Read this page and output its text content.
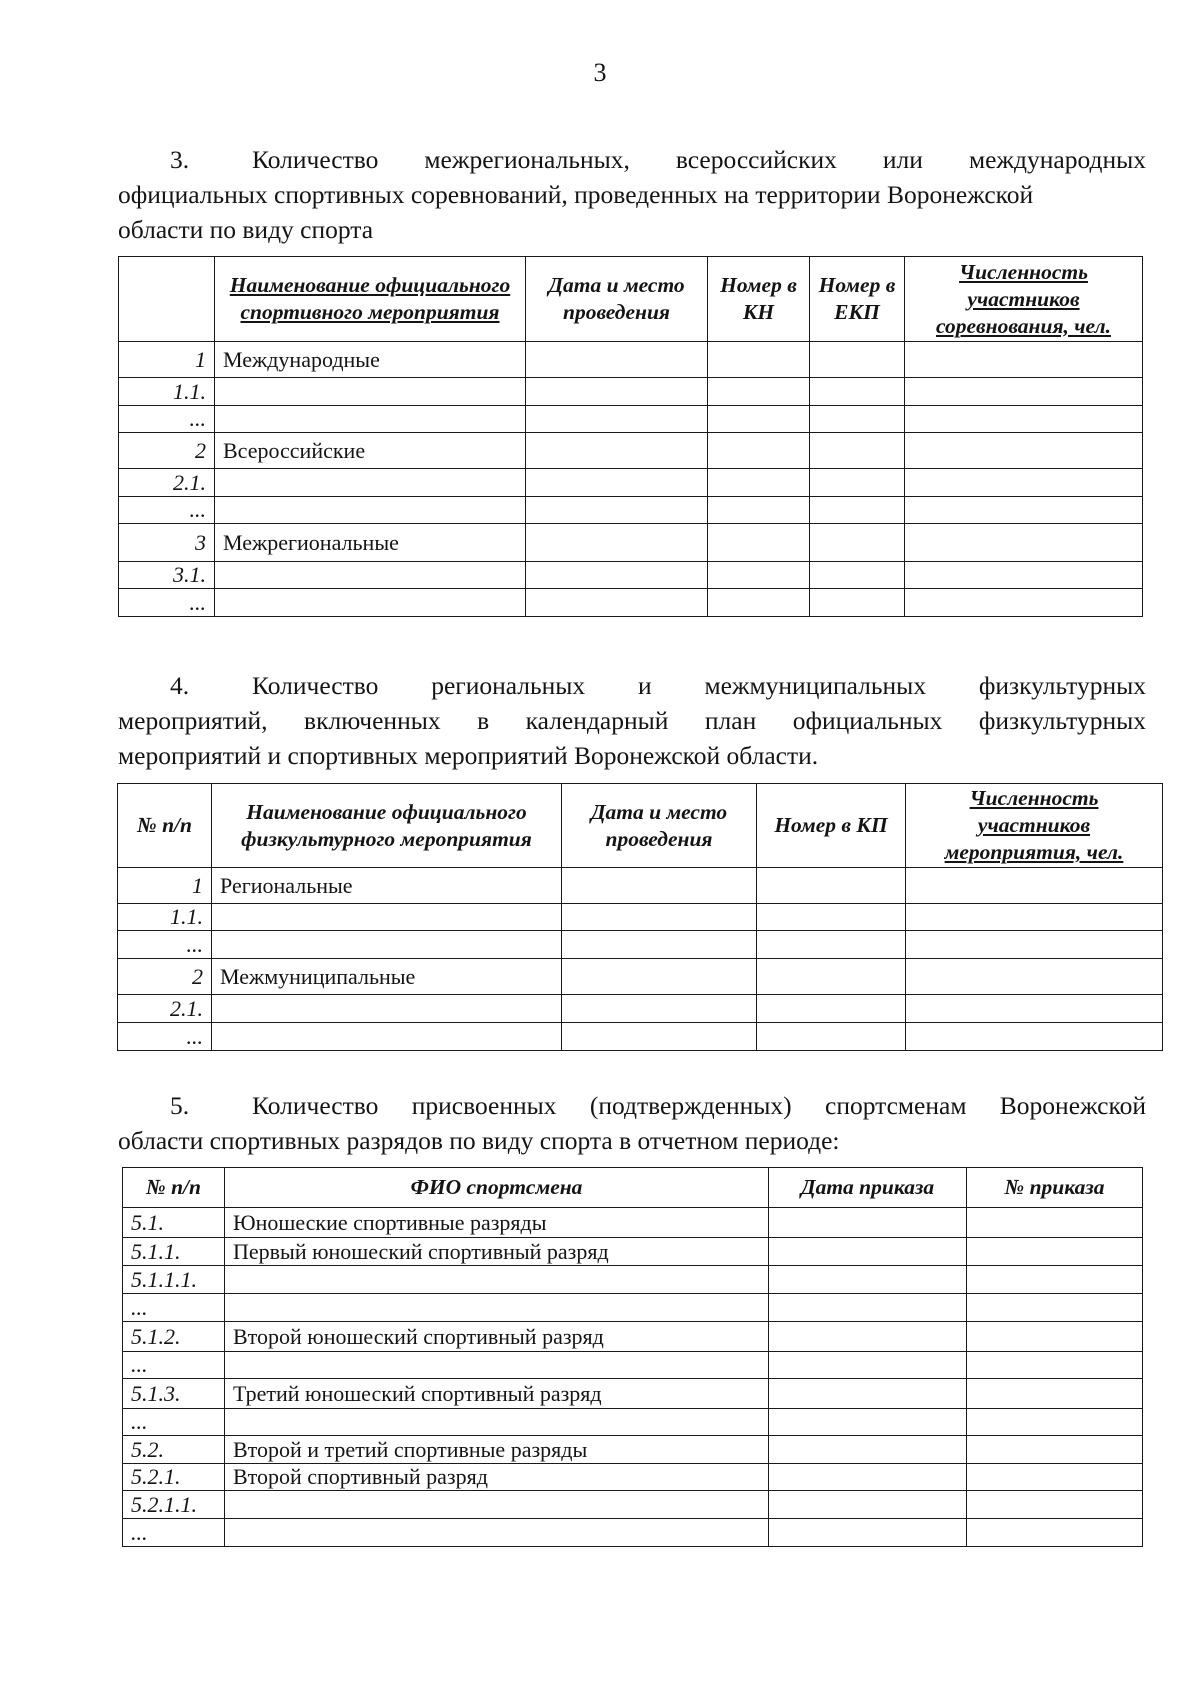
3
3. Количество межрегиональных, всероссийских или международных
официальных спортивных соревнований, проведенных на территории Воронежской
области по виду спорта
	Наименование официального спортивного мероприятия	Дата и место проведения	Номер в КН	Номер в ЕКП	Численность участников соревнования, чел.
1	Международные				
1.1.					
...					
2	Всероссийские				
2.1.					
...					
3	Межрегиональные				
3.1.					
...					
4. Количество региональных и межмуниципальных физкультурных
мероприятий, включенных в календарный план официальных физкультурных
мероприятий и спортивных мероприятий Воронежской области.
№ п/п	Наименование официального физкультурного мероприятия	Дата и место проведения	Номер в КП	Численность участников мероприятия, чел.
1	Региональные			
1.1.				
...				
2	Межмуниципальные			
2.1.				
...				
5. Количество присвоенных (подтвержденных) спортсменам Воронежской
области спортивных разрядов по виду спорта в отчетном периоде:
№ п/п	ФИО спортсмена	Дата приказа	№ приказа
5.1.	Юношеские спортивные разряды		
5.1.1.	Первый юношеский спортивный разряд		
5.1.1.1.			
...			
5.1.2.	Второй юношеский спортивный разряд		
...			
5.1.3.	Третий юношеский спортивный разряд		
...			
5.2.	Второй и третий спортивные разряды		
5.2.1.	Второй спортивный разряд		
5.2.1.1.			
...			
